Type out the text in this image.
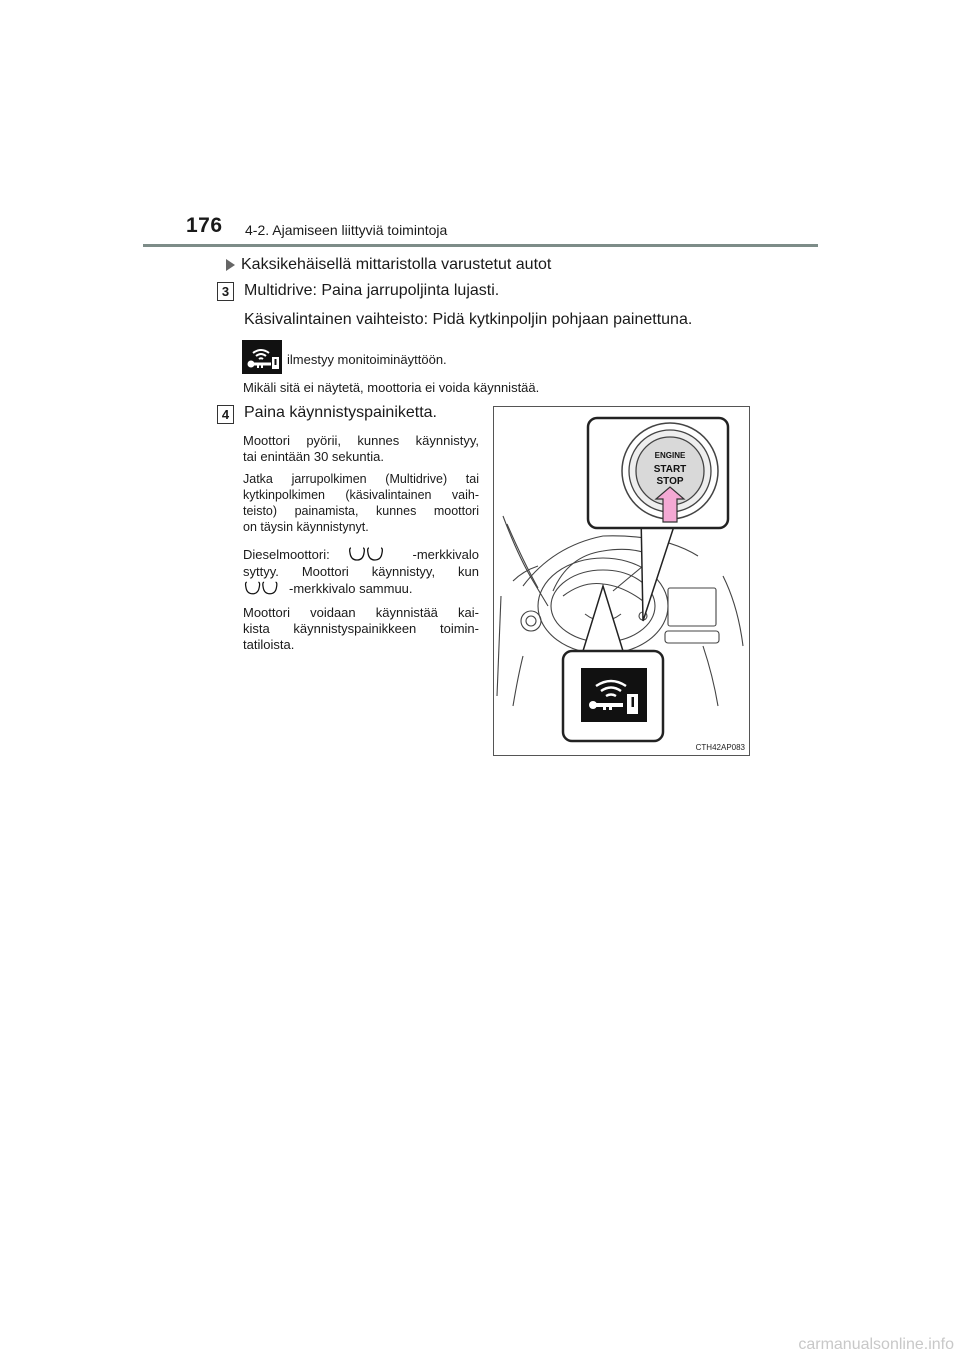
176 4-2. Ajamiseen liittyviä toimintoja
Kaksikehäisellä mittaristolla varustetut autot
3 Multidrive: Paina jarrupoljinta lujasti.
Käsivalintainen vaihteisto: Pidä kytkinpoljin pohjaan painettuna.
ilmestyy monitoiminäyttöön.
Mikäli sitä ei näytetä, moottoria ei voida käynnistää.
4 Paina käynnistyspainiketta.
Moottori pyörii, kunnes käynnistyy,
tai enintään 30 sekuntia.
Jatka jarrupolkimen (Multidrive) tai
kytkinpolkimen (käsivalintainen vaih-
teisto) painamista, kunnes moottori
on täysin käynnistynyt.
Dieselmoottori:	-merkkivalo
syttyy. Moottori käynnistyy, kun
-merkkivalo sammuu.
Moottori voidaan käynnistää kai-
kista käynnistyspainikkeen toimin-
tatiloista.
ENGINE
START
STOP
CTH42AP083
carmanualsonline.info
